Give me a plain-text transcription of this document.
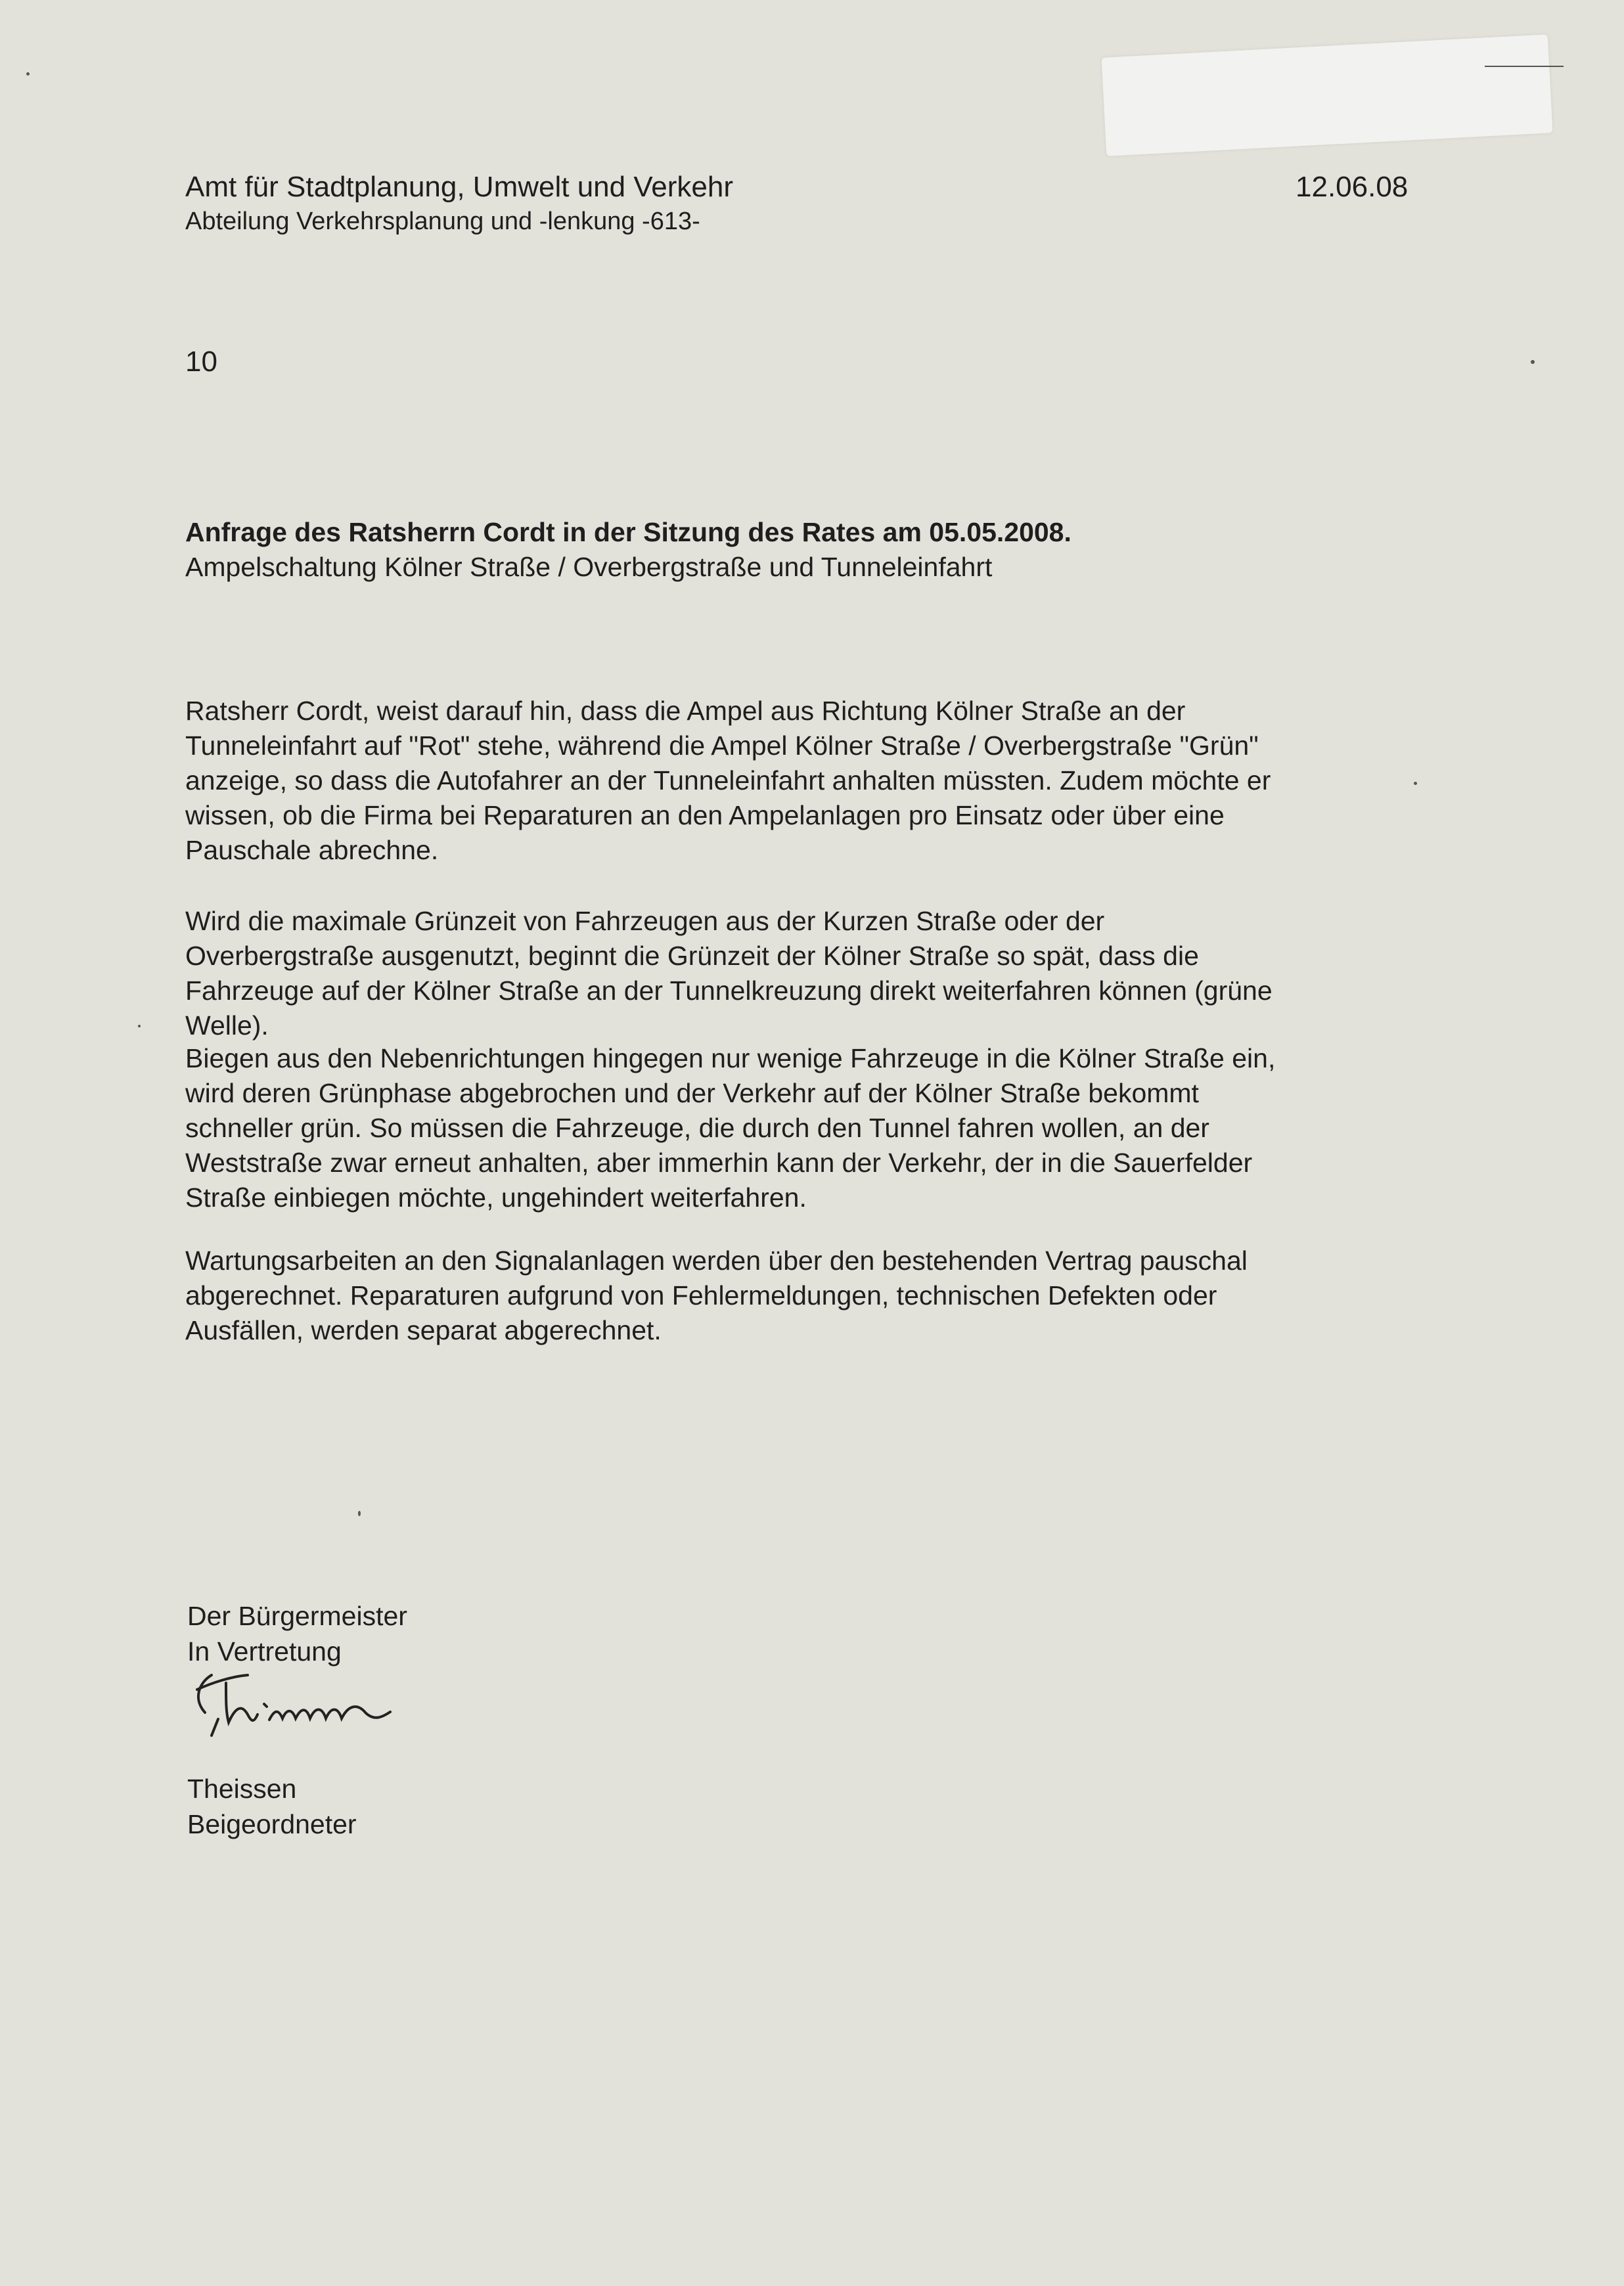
Amt für Stadtplanung, Umwelt und Verkehr
Abteilung Verkehrsplanung und -lenkung -613-
12.06.08
10
Anfrage des Ratsherrn Cordt in der Sitzung des Rates am 05.05.2008.
Ampelschaltung Kölner Straße / Overbergstraße und Tunneleinfahrt
Ratsherr Cordt, weist darauf hin, dass die Ampel aus Richtung Kölner Straße an der
Tunneleinfahrt auf "Rot" stehe, während die Ampel Kölner Straße / Overbergstraße "Grün"
anzeige, so dass die Autofahrer an der Tunneleinfahrt anhalten müssten. Zudem möchte er
wissen, ob die Firma bei Reparaturen an den Ampelanlagen pro Einsatz oder über eine
Pauschale abrechne.
Wird die maximale Grünzeit von Fahrzeugen aus der Kurzen Straße oder der
Overbergstraße ausgenutzt, beginnt die Grünzeit der Kölner Straße so spät, dass die
Fahrzeuge auf der Kölner Straße an der Tunnelkreuzung direkt weiterfahren können (grüne
Welle).
Biegen aus den Nebenrichtungen hingegen nur wenige Fahrzeuge in die Kölner Straße ein,
wird deren Grünphase abgebrochen und der Verkehr auf der Kölner Straße bekommt
schneller grün. So müssen die Fahrzeuge, die durch den Tunnel fahren wollen, an der
Weststraße zwar erneut anhalten, aber immerhin kann der Verkehr, der in die Sauerfelder
Straße einbiegen möchte, ungehindert weiterfahren.
Wartungsarbeiten an den Signalanlagen werden über den bestehenden Vertrag pauschal
abgerechnet. Reparaturen aufgrund von Fehlermeldungen, technischen Defekten oder
Ausfällen, werden separat abgerechnet.
Der Bürgermeister
In Vertretung
Theissen
Beigeordneter
